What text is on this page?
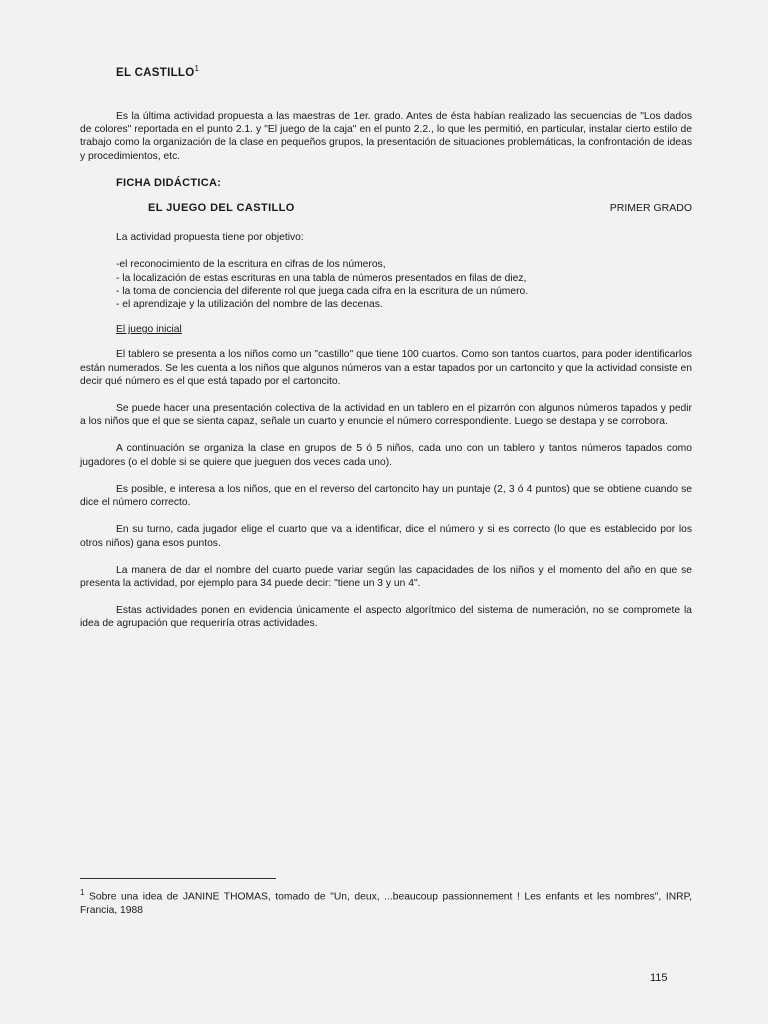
EL CASTILLO$^1$

Es la última actividad propuesta a las maestras de 1er. grado. Antes de ésta habían realizado las secuencias de "Los dados de colores" reportada en el punto 2.1. y "El juego de la caja" en el punto 2.2., lo que les permitió, en particular, instalar cierto estilo de trabajo como la organización de la clase en pequeños grupos, la presentación de situaciones problemáticas, la confrontación de ideas y procedimientos, etc.

FICHA DIDÁCTICA:
EL JUEGO DEL CASTILLO	PRIMER GRADO

La actividad propuesta tiene por objetivo:

-el reconocimiento de la escritura en cifras de los números,
- la localización de estas escrituras en una tabla de números presentados en filas de diez,
- la toma de conciencia del diferente rol que juega cada cifra en la escritura de un número.
- el aprendizaje y la utilización del nombre de las decenas.
El juego inicial

El tablero se presenta a los niños como un "castillo" que tiene 100 cuartos. Como son tantos cuartos, para poder identificarlos están numerados. Se les cuenta a los niños que algunos números van a estar tapados por un cartoncito y que la actividad consiste en decir qué número es el que está tapado por el cartoncito.

Se puede hacer una presentación colectiva de la actividad en un tablero en el pizarrón con algunos números tapados y pedir a los niños que el que se sienta capaz, señale un cuarto y enuncie el número correspondiente. Luego se destapa y se corrobora.

A continuación se organiza la clase en grupos de 5 ó 5 niños, cada uno con un tablero y tantos números tapados como jugadores (o el doble si se quiere que jueguen dos veces cada uno).

Es posible, e interesa a los niños, que en el reverso del cartoncito hay un puntaje (2, 3 ó 4 puntos) que se obtiene cuando se dice el número correcto.

En su turno, cada jugador elige el cuarto que va a identificar, dice el número y si es correcto (lo que es establecido por los otros niños) gana esos puntos.

La manera de dar el nombre del cuarto puede variar según las capacidades de los niños y el momento del año en que se presenta la actividad, por ejemplo para 34 puede decir: "tiene un 3 y un 4".

Estas actividades ponen en evidencia únicamente el aspecto algorítmico del sistema de numeración, no se compromete la idea de agrupación que requeriría otras actividades.

$^1$ Sobre una idea de JANINE THOMAS, tomado de "Un, deux, ...beaucoup passionnement ! Les enfants et les nombres", INRP, Francia, 1988

115
